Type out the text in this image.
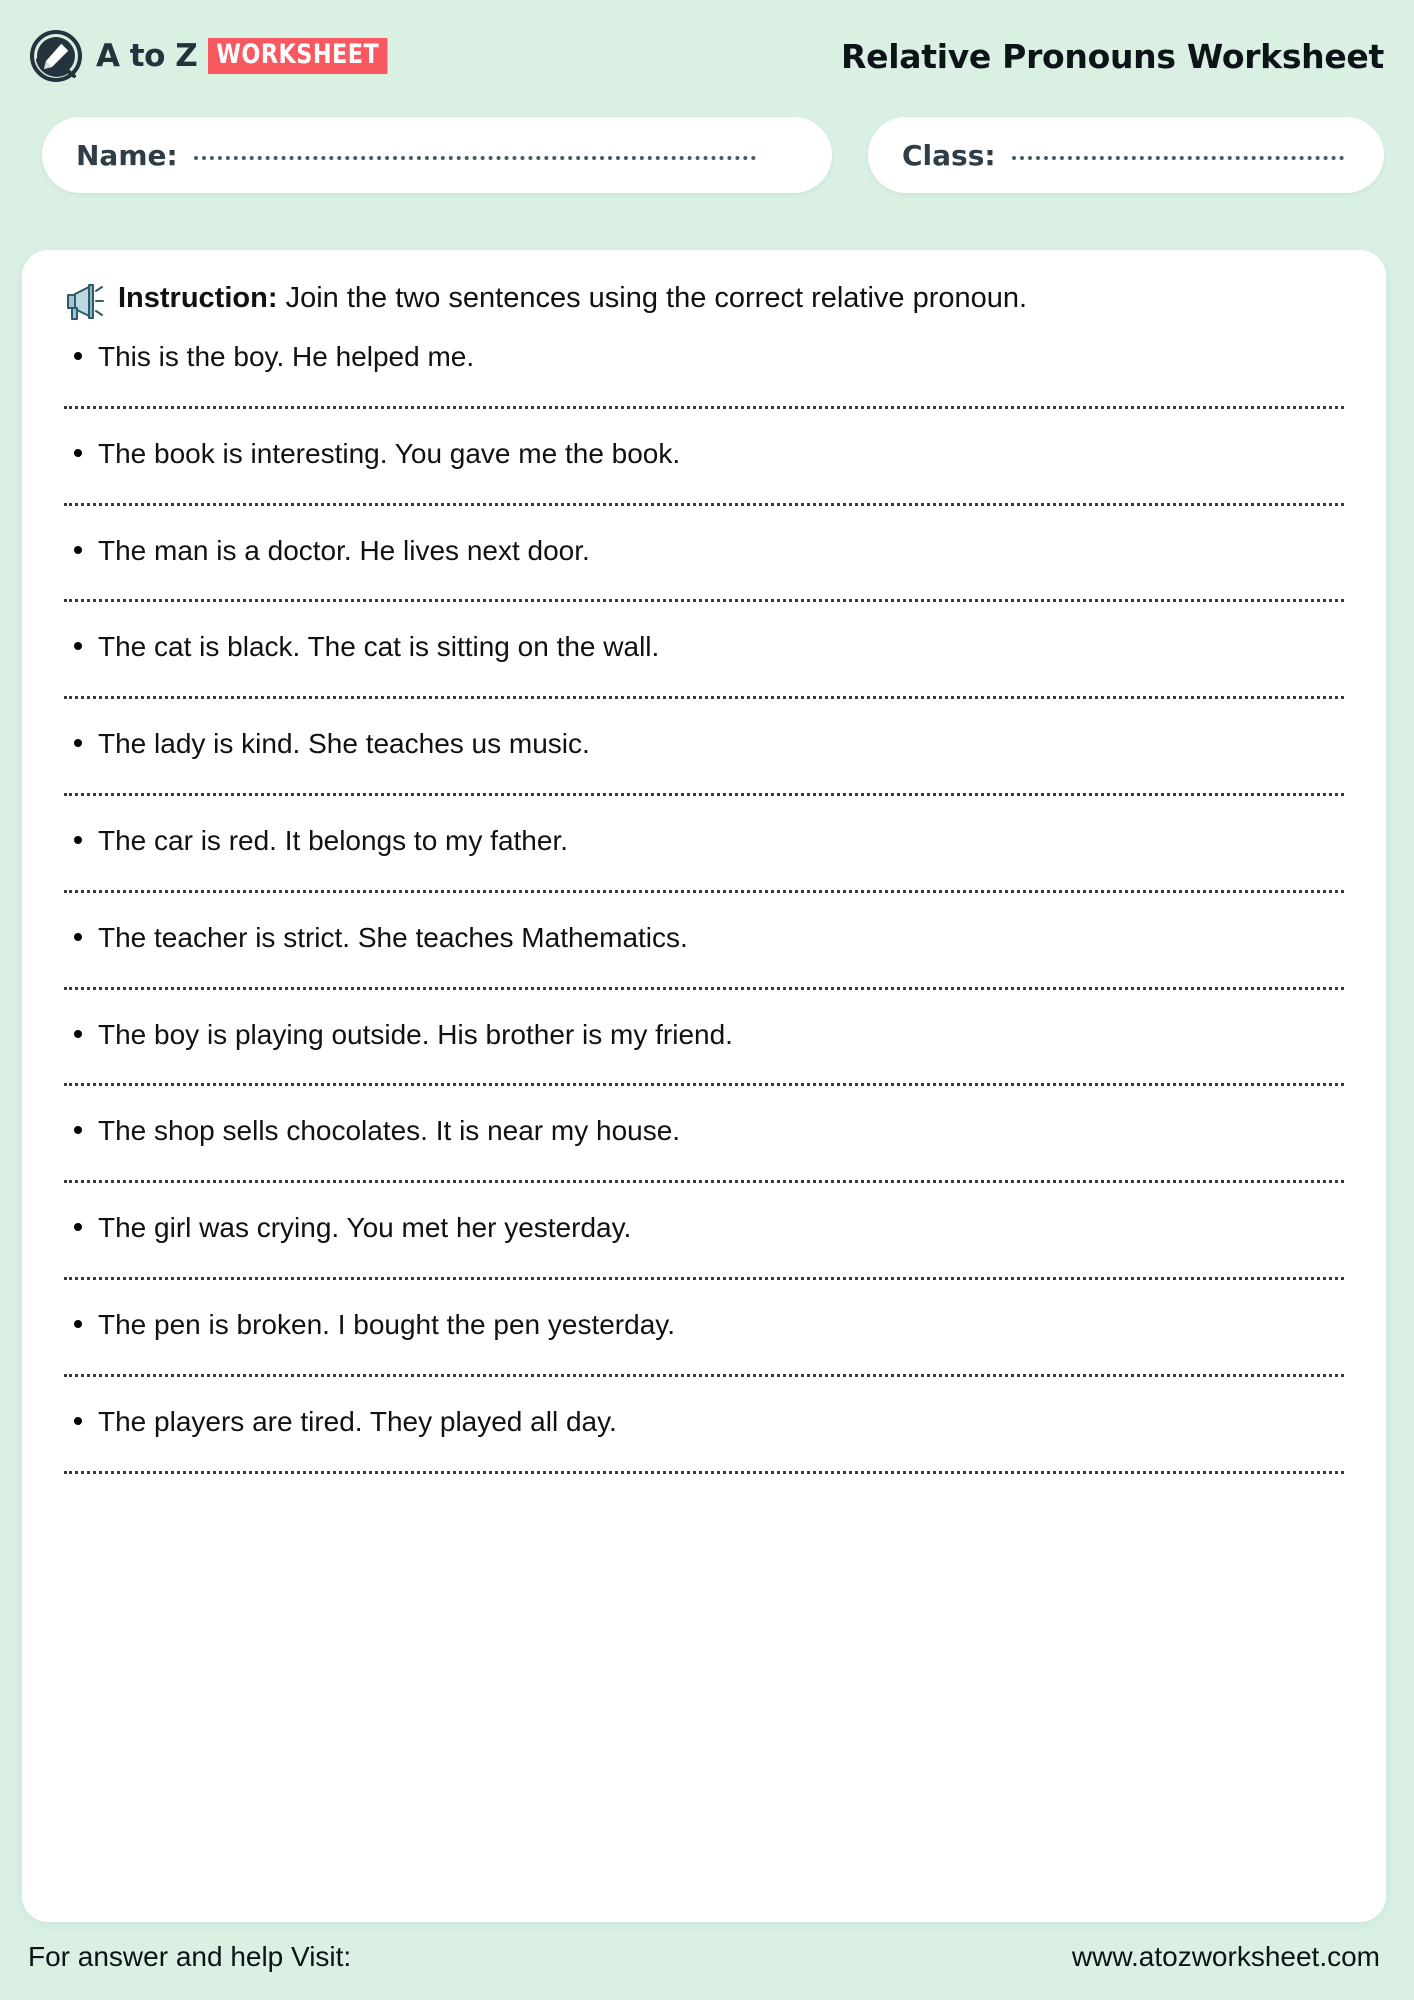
A to Z WORKSHEET	Relative Pronouns Worksheet
Name:	Class:
Instruction: Join the two sentences using the correct relative pronoun.
This is the boy. He helped me.
The book is interesting. You gave me the book.
The man is a doctor. He lives next door.
The cat is black. The cat is sitting on the wall.
The lady is kind. She teaches us music.
The car is red. It belongs to my father.
The teacher is strict. She teaches Mathematics.
The boy is playing outside. His brother is my friend.
The shop sells chocolates. It is near my house.
The girl was crying. You met her yesterday.
The pen is broken. I bought the pen yesterday.
The players are tired. They played all day.
For answer and help Visit:	www.atozworksheet.com
